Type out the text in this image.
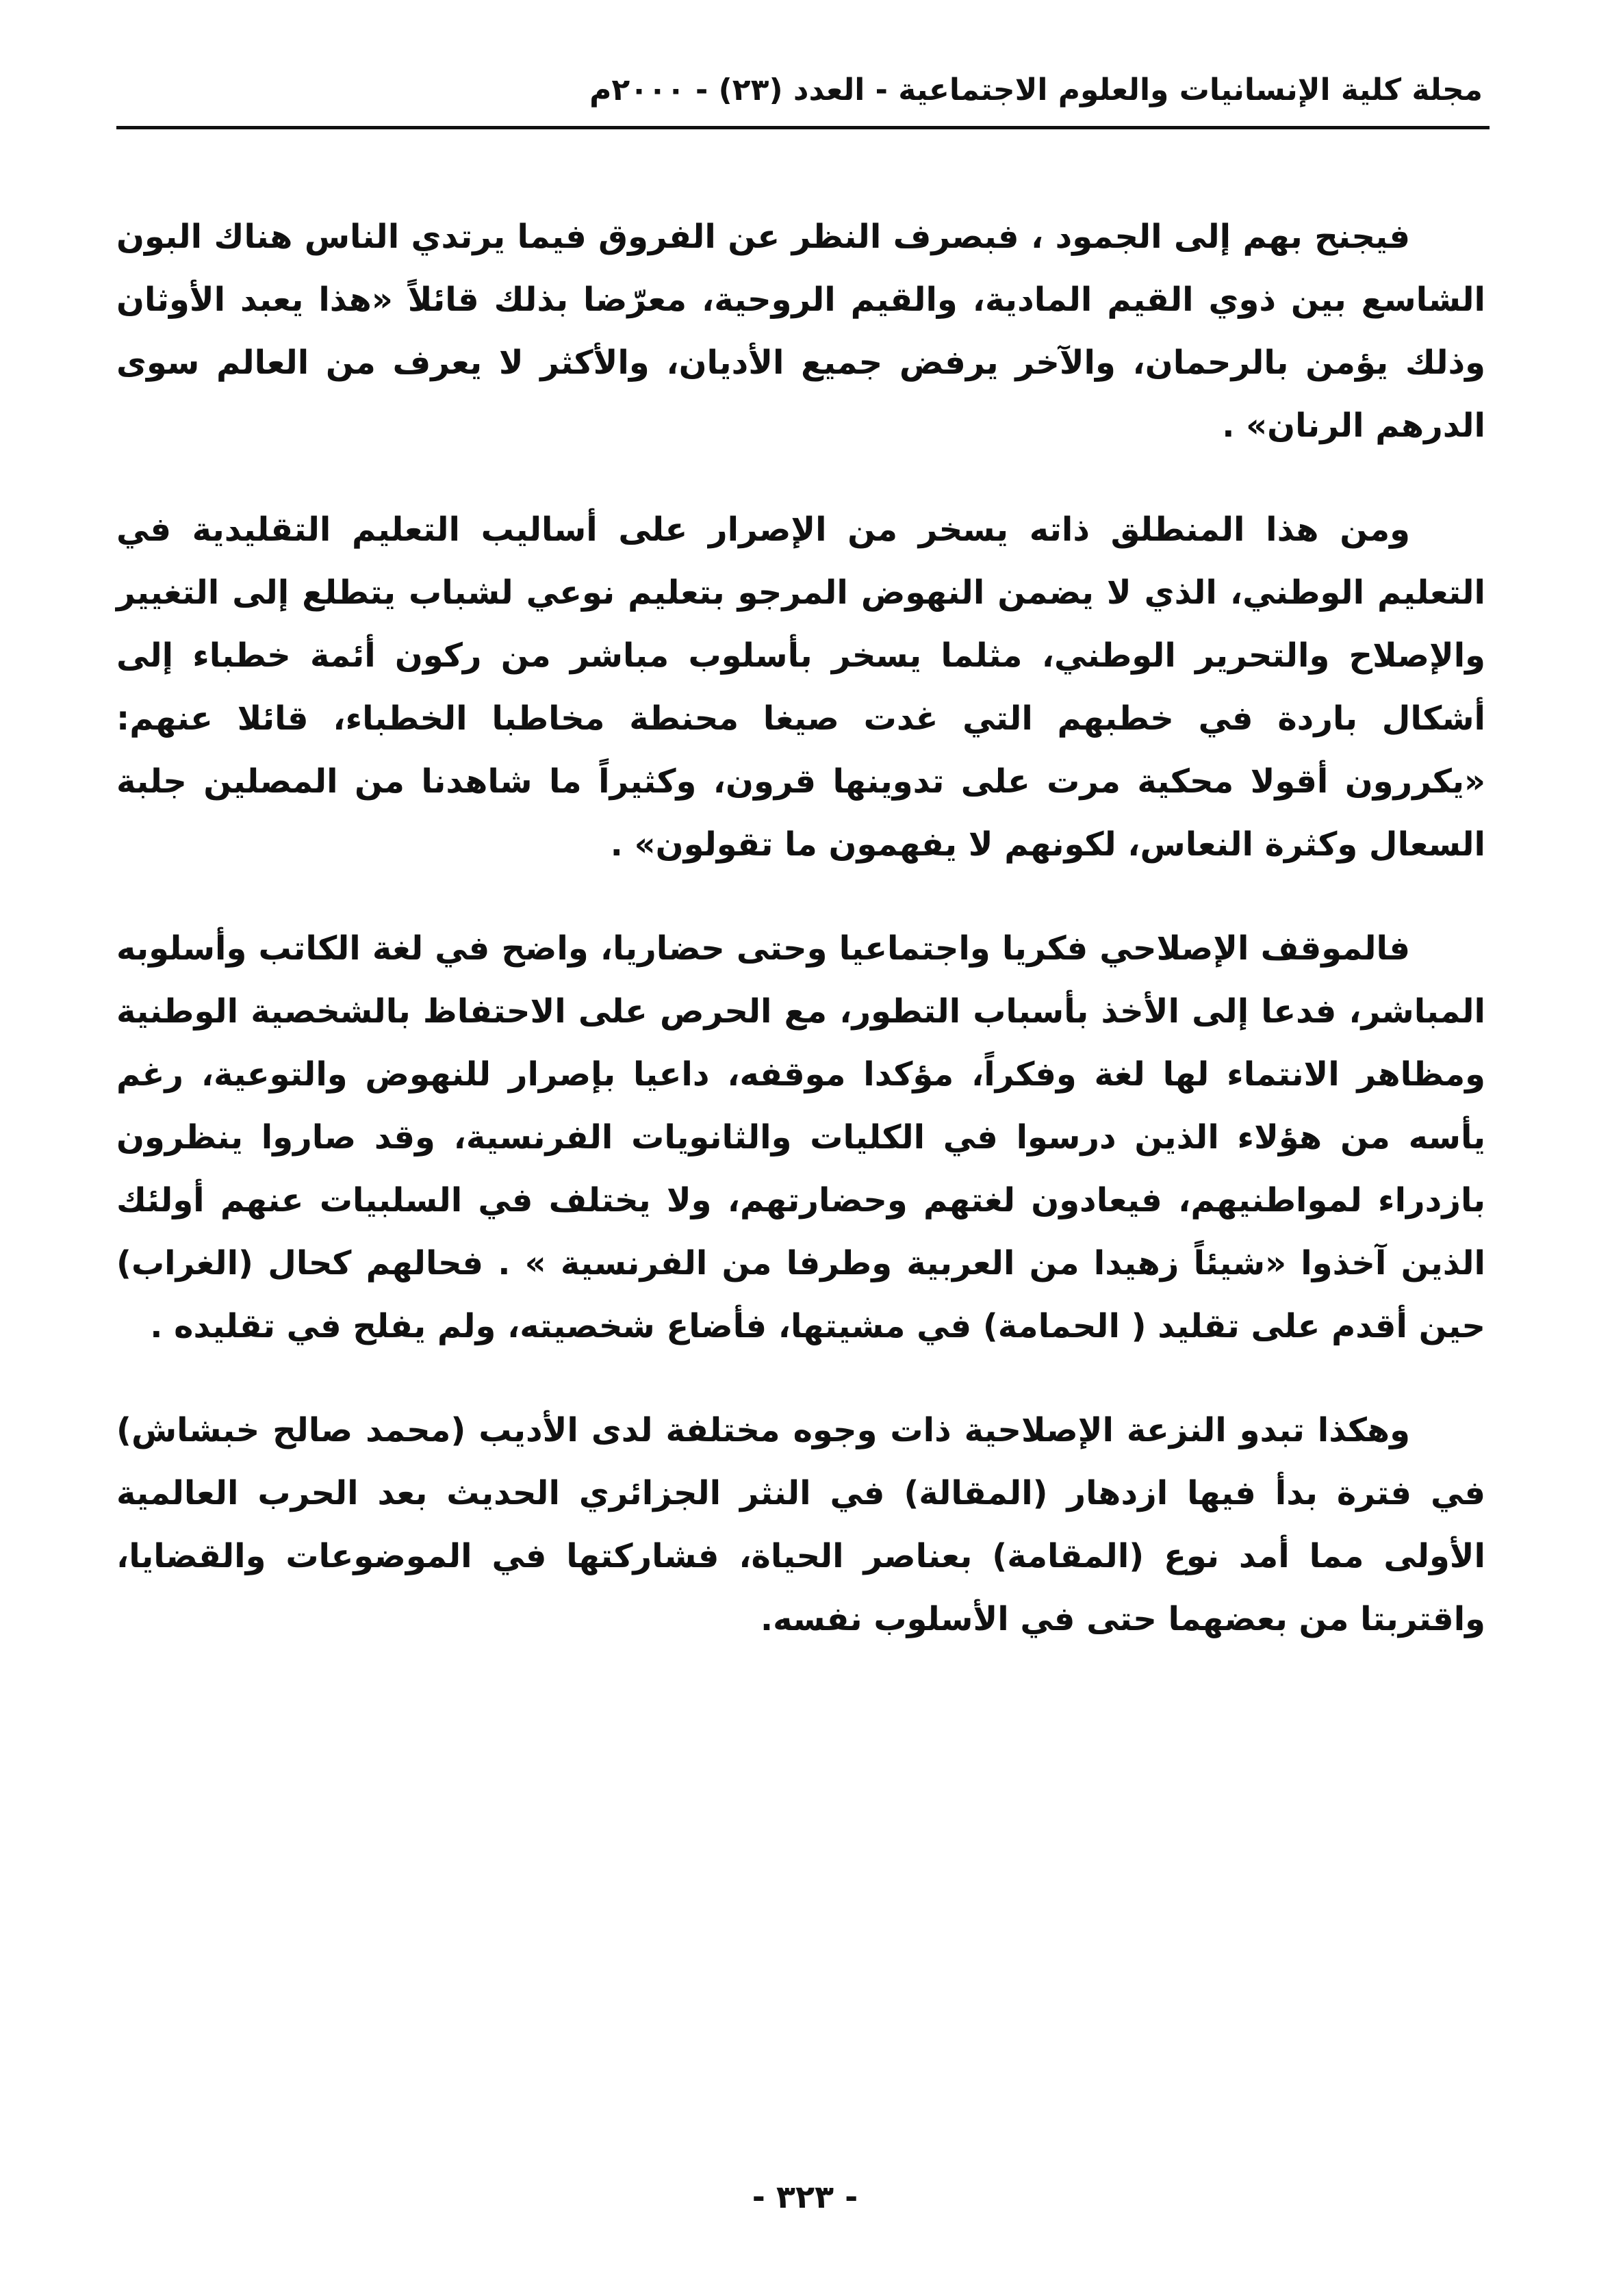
مجلة كلية الإنسانيات والعلوم الاجتماعية - العدد (٢٣) - ٢٠٠٠م

فيجنح بهم إلى الجمود ، فبصرف النظر عن الفروق فيما يرتدي الناس هناك البون الشاسع بين ذوي القيم المادية، والقيم الروحية، معرّضا بذلك قائلاً «هذا يعبد الأوثان وذلك يؤمن بالرحمان، والآخر يرفض جميع الأديان، والأكثر لا يعرف من العالم سوى الدرهم الرنان» .

ومن هذا المنطلق ذاته يسخر من الإصرار على أساليب التعليم التقليدية في التعليم الوطني، الذي لا يضمن النهوض المرجو بتعليم نوعي لشباب يتطلع إلى التغيير والإصلاح والتحرير الوطني، مثلما يسخر بأسلوب مباشر من ركون أئمة خطباء إلى أشكال باردة في خطبهم التي غدت صيغا محنطة مخاطبا الخطباء، قائلا عنهم: «يكررون أقولا محكية مرت على تدوينها قرون، وكثيراً ما شاهدنا من المصلين جلبة السعال وكثرة النعاس، لكونهم لا يفهمون ما تقولون» .

فالموقف الإصلاحي فكريا واجتماعيا وحتى حضاريا، واضح في لغة الكاتب وأسلوبه المباشر، فدعا إلى الأخذ بأسباب التطور، مع الحرص على الاحتفاظ بالشخصية الوطنية ومظاهر الانتماء لها لغة وفكراً، مؤكدا موقفه، داعيا بإصرار للنهوض والتوعية، رغم يأسه من هؤلاء الذين درسوا في الكليات والثانويات الفرنسية، وقد صاروا ينظرون بازدراء لمواطنيهم، فيعادون لغتهم وحضارتهم، ولا يختلف في السلبيات عنهم أولئك الذين آخذوا «شيئاً زهيدا من العربية وطرفا من الفرنسية » . فحالهم كحال (الغراب) حين أقدم على تقليد ( الحمامة) في مشيتها، فأضاع شخصيته، ولم يفلح في تقليده .

وهكذا تبدو النزعة الإصلاحية ذات وجوه مختلفة لدى الأديب (محمد صالح خبشاش) في فترة بدأ فيها ازدهار (المقالة) في النثر الجزائري الحديث بعد الحرب العالمية الأولى مما أمد نوع (المقامة) بعناصر الحياة، فشاركتها في الموضوعات والقضايا، واقتربتا من بعضهما حتى في الأسلوب نفسه.

- ٣٢٣ -
